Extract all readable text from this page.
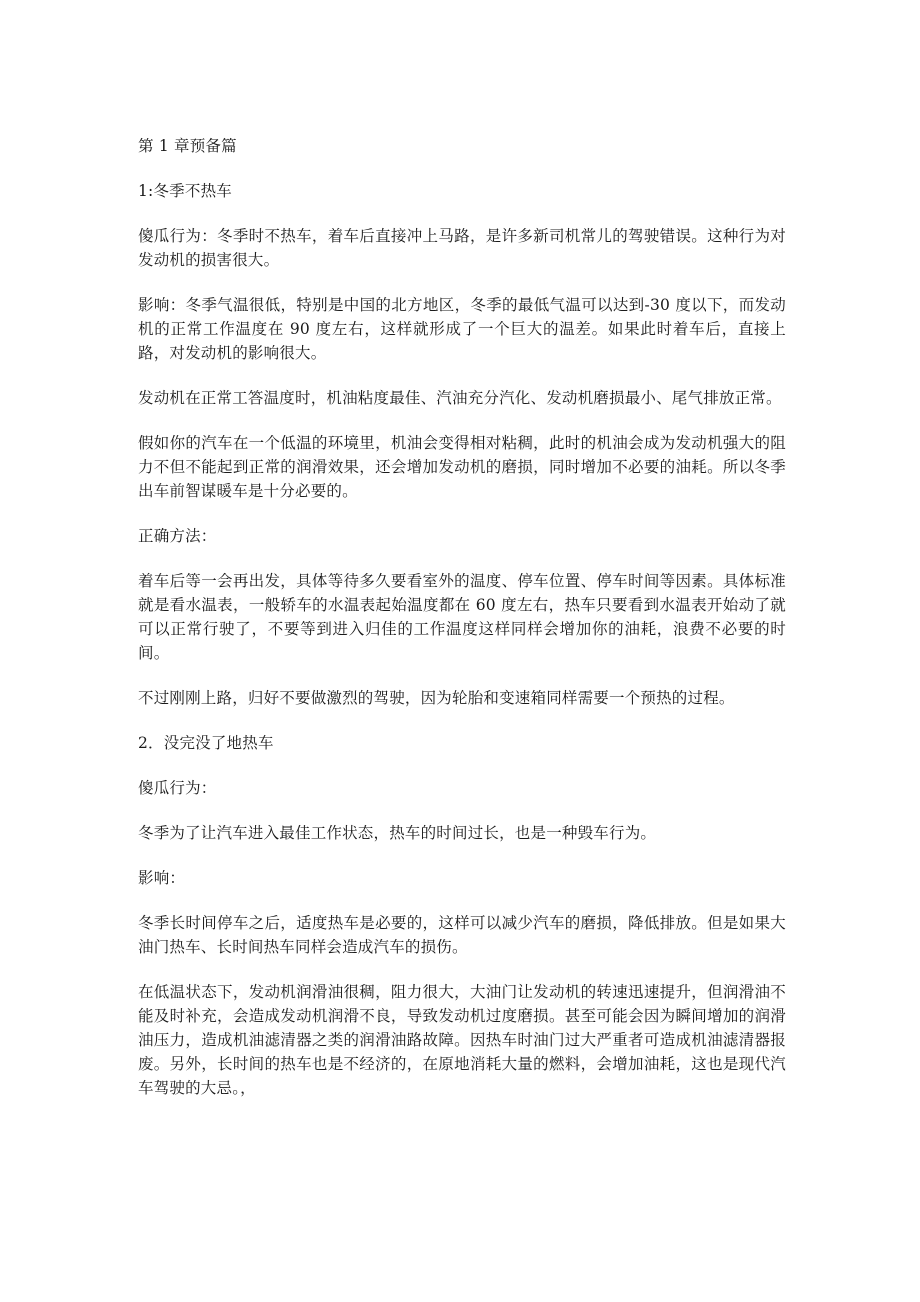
第 1 章预备篇

1:冬季不热车

傻瓜行为：冬季时不热车，着车后直接冲上马路，是许多新司机常儿的驾驶错误。这种行为对发动机的损害很大。

影响：冬季气温很低，特别是中国的北方地区，冬季的最低气温可以达到-30 度以下，而发动机的正常工作温度在 90 度左右，这样就形成了一个巨大的温差。如果此时着车后，直接上路，对发动机的影响很大。

发动机在正常工答温度时，机油粘度最佳、汽油充分汽化、发动机磨损最小、尾气排放正常。

假如你的汽车在一个低温的环境里，机油会变得相对粘稠，此时的机油会成为发动机强大的阻力不但不能起到正常的润滑效果，还会增加发动机的磨损，同时增加不必要的油耗。所以冬季出车前智谋暖车是十分必要的。

正确方法：

着车后等一会再出发，具体等待多久要看室外的温度、停车位置、停车时间等因素。具体标准就是看水温表，一般轿车的水温表起始温度都在 60 度左右，热车只要看到水温表开始动了就可以正常行驶了，不要等到进入归佳的工作温度这样同样会增加你的油耗，浪费不必要的时间。

不过刚刚上路，归好不要做激烈的驾驶，因为轮胎和变速箱同样需要一个预热的过程。

2．没完没了地热车

傻瓜行为：

冬季为了让汽车进入最佳工作状态，热车的时间过长，也是一种毁车行为。

影响：

冬季长时间停车之后，适度热车是必要的，这样可以减少汽车的磨损，降低排放。但是如果大油门热车、长时间热车同样会造成汽车的损伤。

在低温状态下，发动机润滑油很稠，阻力很大，大油门让发动机的转速迅速提升，但润滑油不能及时补充，会造成发动机润滑不良，导致发动机过度磨损。甚至可能会因为瞬间增加的润滑油压力，造成机油滤清器之类的润滑油路故障。因热车时油门过大严重者可造成机油滤清器报废。另外，长时间的热车也是不经济的，在原地消耗大量的燃料，会增加油耗，这也是现代汽车驾驶的大忌。，
